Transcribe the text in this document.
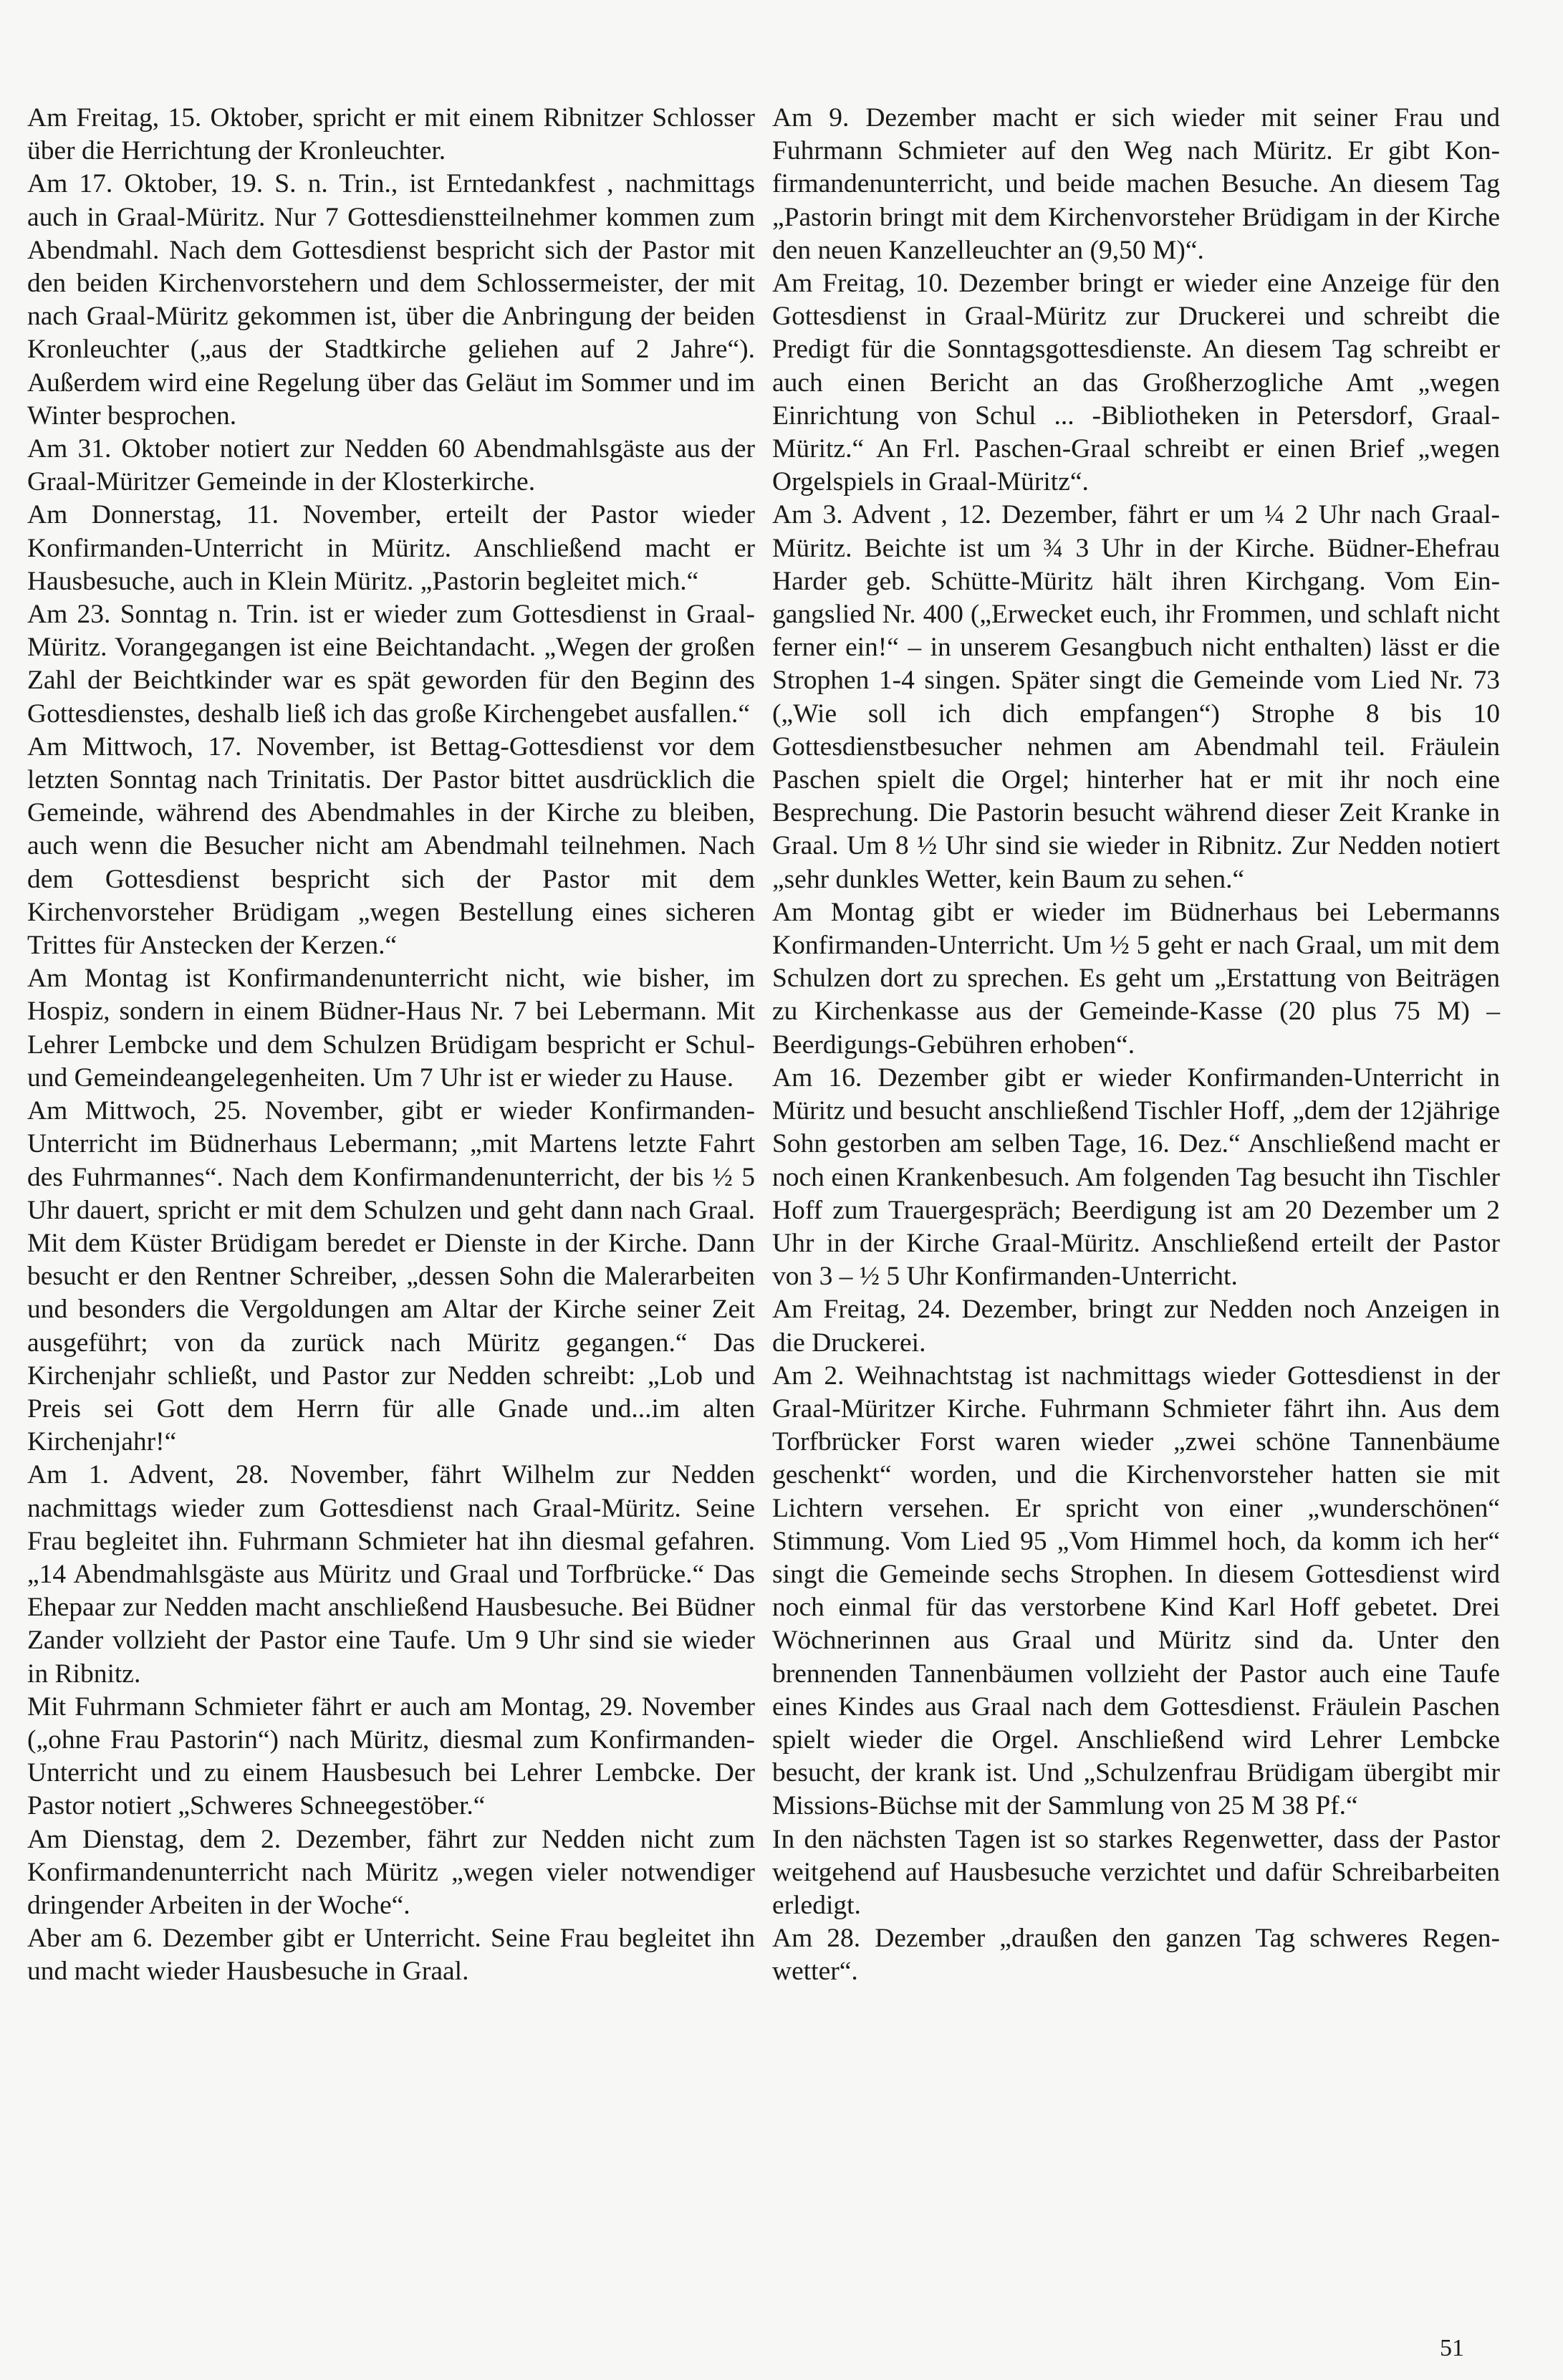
Am Freitag, 15. Oktober, spricht er mit einem Ribnitzer Schlosser über die Herrichtung der Kronleuchter.

Am 17. Oktober, 19. S. n. Trin., ist Erntedankfest , nachmittags auch in Graal-Müritz. Nur 7 Gottesdienstteilnehmer kommen zum Abendmahl. Nach dem Gottesdienst bespricht sich der Pastor mit den beiden Kirchenvorstehern und dem Schlossermeister, der mit nach Graal-Müritz gekommen ist, über die Anbringung der beiden Kronleuchter („aus der Stadtkirche geliehen auf 2 Jahre“). Außerdem wird eine Regelung über das Geläut im Sommer und im Winter besprochen.

Am 31. Oktober notiert zur Nedden 60 Abendmahlsgäste aus der Graal-Müritzer Gemeinde in der Klosterkirche.

Am Donnerstag, 11. November, erteilt der Pastor wieder Konfirmanden-Unterricht in Müritz. Anschließend macht er Hausbesuche, auch in Klein Müritz. „Pastorin begleitet mich.“

Am 23. Sonntag n. Trin. ist er wieder zum Gottesdienst in Graal-Müritz. Vorangegangen ist eine Beichtandacht. „Wegen der großen Zahl der Beichtkinder war es spät geworden für den Beginn des Gottesdienstes, deshalb ließ ich das große Kirchengebet ausfallen.“

Am Mittwoch, 17. November, ist Bettag-Gottesdienst vor dem letzten Sonntag nach Trinitatis. Der Pastor bittet ausdrücklich die Gemeinde, während des Abendmahles in der Kirche zu bleiben, auch wenn die Besucher nicht am Abendmahl teilnehmen. Nach dem Gottesdienst bespricht sich der Pastor mit dem Kirchenvorsteher Brüdigam „wegen Bestellung eines sicheren Trittes für Anstecken der Kerzen.“

Am Montag ist Konfirmandenunterricht nicht, wie bisher, im Hospiz, sondern in einem Büdner-Haus Nr. 7 bei Lebermann. Mit Lehrer Lembcke und dem Schulzen Brüdigam bespricht er Schul- und Gemeindeangelegenheiten. Um 7 Uhr ist er wieder zu Hause.

Am Mittwoch, 25. November, gibt er wieder Konfirmanden-Unterricht im Büdnerhaus Lebermann; „mit Martens letzte Fahrt des Fuhrmannes“. Nach dem Konfirmandenunterricht, der bis ½ 5 Uhr dauert, spricht er mit dem Schulzen und geht dann nach Graal. Mit dem Küster Brüdigam beredet er Dienste in der Kirche. Dann besucht er den Rentner Schreiber, „dessen Sohn die Malerarbeiten und besonders die Vergoldungen am Altar der Kirche seiner Zeit ausgeführt; von da zurück nach Müritz gegangen.“ Das Kirchenjahr schließt, und Pastor zur Nedden schreibt: „Lob und Preis sei Gott dem Herrn für alle Gnade und...im alten Kirchenjahr!“

Am 1. Advent, 28. November, fährt Wilhelm zur Nedden nachmittags wieder zum Gottesdienst nach Graal-Müritz. Seine Frau begleitet ihn. Fuhrmann Schmieter hat ihn diesmal gefahren. „14 Abendmahlsgäste aus Müritz und Graal und Torfbrücke.“ Das Ehepaar zur Nedden macht anschließend Hausbesuche. Bei Büdner Zander vollzieht der Pastor eine Taufe. Um 9 Uhr sind sie wieder in Ribnitz.

Mit Fuhrmann Schmieter fährt er auch am Montag, 29. November („ohne Frau Pastorin“) nach Müritz, diesmal zum Konfirmanden-Unterricht und zu einem Hausbesuch bei Lehrer Lembcke. Der Pastor notiert „Schweres Schneegestöber.“

Am Dienstag, dem 2. Dezember, fährt zur Nedden nicht zum Konfirmandenunterricht nach Müritz „wegen vieler notwendiger dringender Arbeiten in der Woche“.

Aber am 6. Dezember gibt er Unterricht. Seine Frau begleitet ihn und macht wieder Hausbesuche in Graal.

Am 9. Dezember macht er sich wieder mit seiner Frau und Fuhrmann Schmieter auf den Weg nach Müritz. Er gibt Konfirmandenunterricht, und beide machen Besuche. An diesem Tag „Pastorin bringt mit dem Kirchenvorsteher Brüdigam in der Kirche den neuen Kanzelleuchter an (9,50 M)“.

Am Freitag, 10. Dezember bringt er wieder eine Anzeige für den Gottesdienst in Graal-Müritz zur Druckerei und schreibt die Predigt für die Sonntagsgottesdienste. An diesem Tag schreibt er auch einen Bericht an das Großherzogliche Amt „wegen Einrichtung von Schul ... -Bibliotheken in Petersdorf, Graal-Müritz.“ An Frl. Paschen-Graal schreibt er einen Brief „wegen Orgelspiels in Graal-Müritz“.

Am 3. Advent , 12. Dezember, fährt er um ¼ 2 Uhr nach Graal-Müritz. Beichte ist um ¾ 3 Uhr in der Kirche. Büdner-Ehefrau Harder geb. Schütte-Müritz hält ihren Kirchgang. Vom Eingangslied Nr. 400 („Erwecket euch, ihr Frommen, und schlaft nicht ferner ein!“ – in unserem Gesangbuch nicht enthalten) lässt er die Strophen 1-4 singen. Später singt die Gemeinde vom Lied Nr. 73 („Wie soll ich dich empfangen“) Strophe 8 bis 10 Gottesdienstbesucher nehmen am Abendmahl teil. Fräulein Paschen spielt die Orgel; hinterher hat er mit ihr noch eine Besprechung. Die Pastorin besucht während dieser Zeit Kranke in Graal. Um 8 ½ Uhr sind sie wieder in Ribnitz. Zur Nedden notiert „sehr dunkles Wetter, kein Baum zu sehen.“

Am Montag gibt er wieder im Büdnerhaus bei Lebermanns Konfirmanden-Unterricht. Um ½ 5 geht er nach Graal, um mit dem Schulzen dort zu sprechen. Es geht um „Erstattung von Beiträgen zu Kirchenkasse aus der Gemeinde-Kasse (20 plus 75 M) – Beerdigungs-Gebühren erhoben“.

Am 16. Dezember gibt er wieder Konfirmanden-Unterricht in Müritz und besucht anschließend Tischler Hoff, „dem der 12jährige Sohn gestorben am selben Tage, 16. Dez.“ Anschließend macht er noch einen Krankenbesuch. Am folgenden Tag besucht ihn Tischler Hoff zum Trauergespräch; Beerdigung ist am 20 Dezember um 2 Uhr in der Kirche Graal-Müritz. Anschließend erteilt der Pastor von 3 – ½ 5 Uhr Konfirmanden-Unterricht.

Am Freitag, 24. Dezember, bringt zur Nedden noch Anzeigen in die Druckerei.

Am 2. Weihnachtstag ist nachmittags wieder Gottesdienst in der Graal-Müritzer Kirche. Fuhrmann Schmieter fährt ihn. Aus dem Torfbrücker Forst waren wieder „zwei schöne Tannenbäume geschenkt“ worden, und die Kirchenvorsteher hatten sie mit Lichtern versehen. Er spricht von einer „wunderschönen“ Stimmung. Vom Lied 95 „Vom Himmel hoch, da komm ich her“ singt die Gemeinde sechs Strophen. In diesem Gottesdienst wird noch einmal für das verstorbene Kind Karl Hoff gebetet. Drei Wöchnerinnen aus Graal und Müritz sind da. Unter den brennenden Tannenbäumen vollzieht der Pastor auch eine Taufe eines Kindes aus Graal nach dem Gottesdienst. Fräulein Paschen spielt wieder die Orgel. Anschließend wird Lehrer Lembcke besucht, der krank ist. Und „Schulzenfrau Brüdigam übergibt mir Missions-Büchse mit der Sammlung von 25 M 38 Pf.“

In den nächsten Tagen ist so starkes Regenwetter, dass der Pastor weitgehend auf Hausbesuche verzichtet und dafür Schreibarbeiten erledigt.

Am 28. Dezember „draußen den ganzen Tag schweres Regenwetter“.

51
